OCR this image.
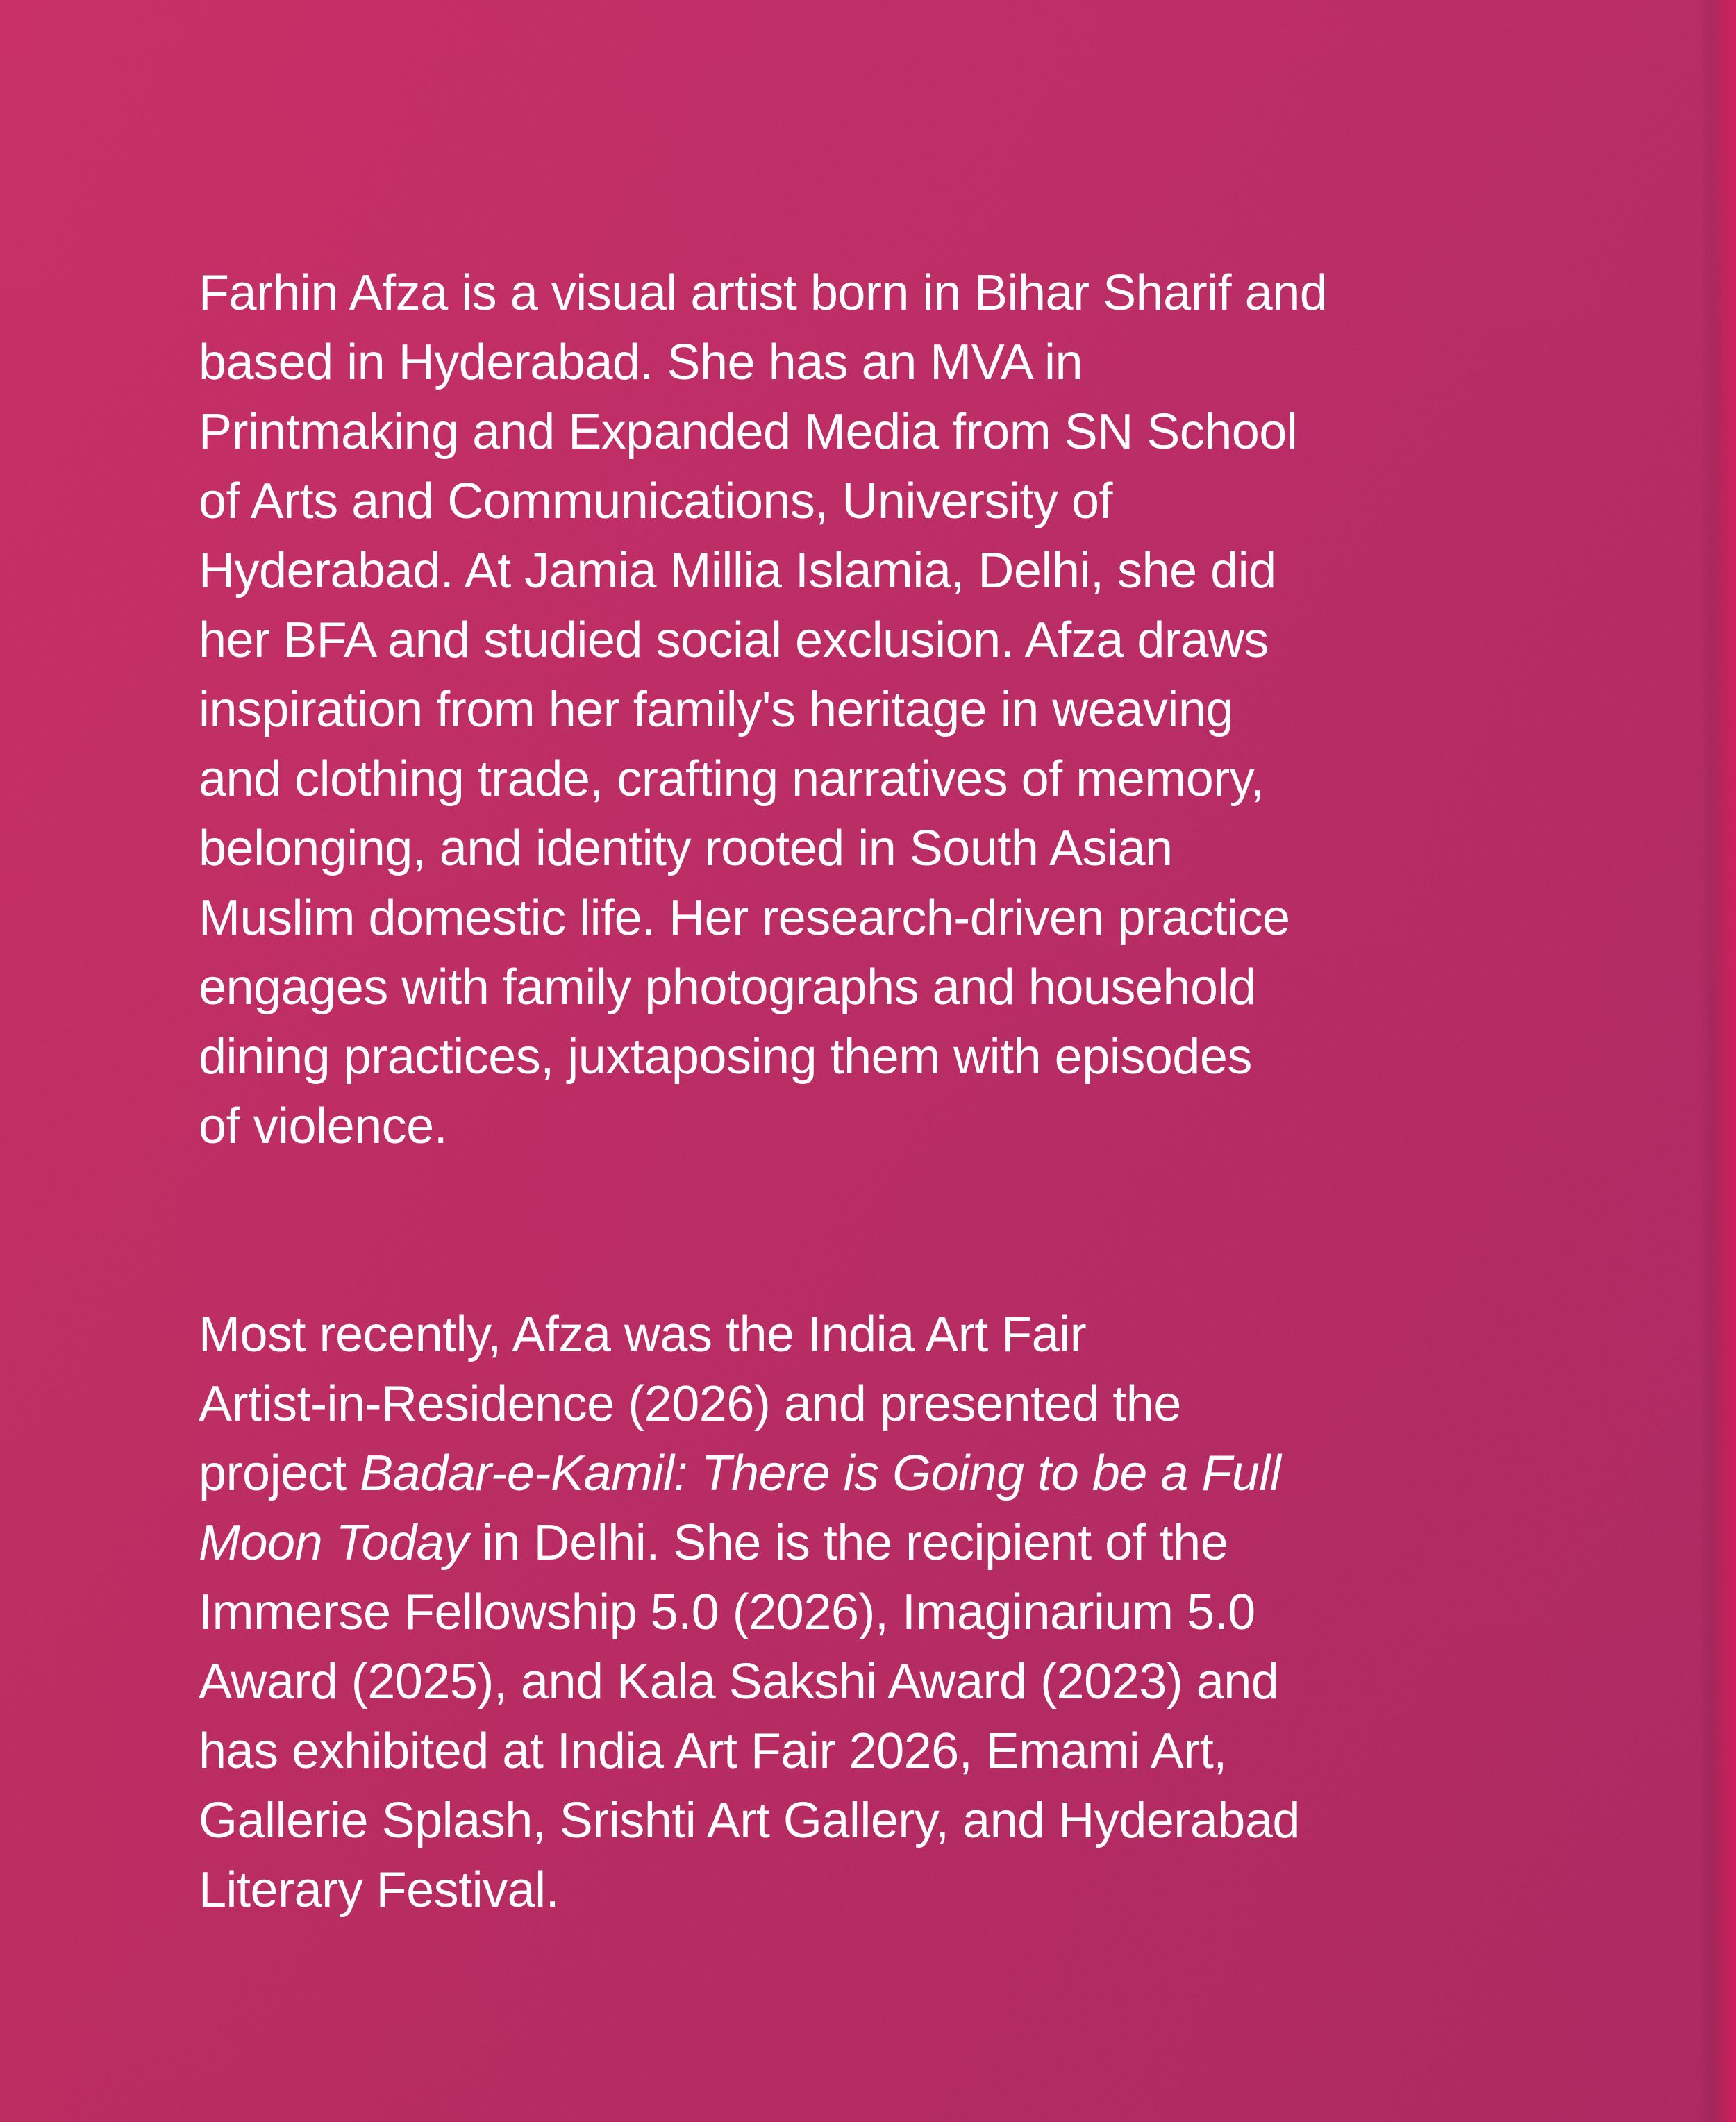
Farhin Afza is a visual artist born in Bihar Sharif and
based in Hyderabad. She has an MVA in
Printmaking and Expanded Media from SN School
of Arts and Communications, University of
Hyderabad. At Jamia Millia Islamia, Delhi, she did
her BFA and studied social exclusion. Afza draws
inspiration from her family's heritage in weaving
and clothing trade, crafting narratives of memory,
belonging, and identity rooted in South Asian
Muslim domestic life. Her research-driven practice
engages with family photographs and household
dining practices, juxtaposing them with episodes
of violence.
Most recently, Afza was the India Art Fair
Artist-in-Residence (2026) and presented the
project Badar-e-Kamil: There is Going to be a Full
Moon Today in Delhi. She is the recipient of the
Immerse Fellowship 5.0 (2026), Imaginarium 5.0
Award (2025), and Kala Sakshi Award (2023) and
has exhibited at India Art Fair 2026, Emami Art,
Gallerie Splash, Srishti Art Gallery, and Hyderabad
Literary Festival.
